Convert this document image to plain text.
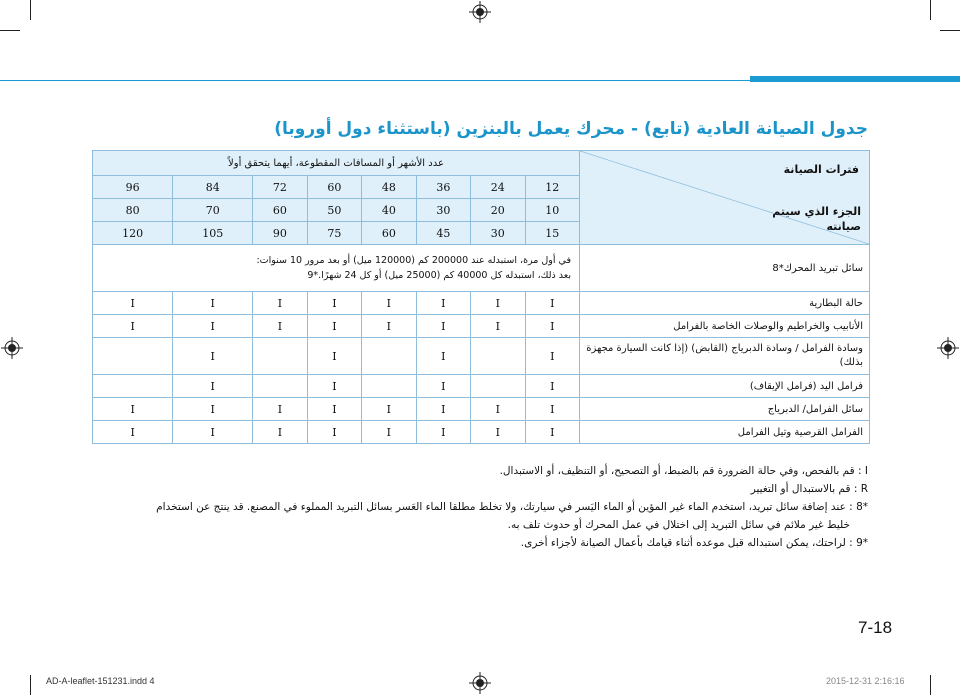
جدول الصيانة العادية (تابع) - محرك يعمل بالبنزين (باستثناء دول أوروبا)
فترات الصيانة
الجزء الذي سيتم صيانته	عدد الأشهر أو المسافات المقطوعة، أيهما يتحقق أولاً							
	12	24	36	48	60	72	84	96
	10	20	30	40	50	60	70	80
	15	30	45	60	75	90	105	120
سائل تبريد المحرك*8	في أول مرة، استبدله عند 200000 كم (120000 ميل) أو بعد مرور 10 سنوات:
بعد ذلك، استبدله كل 40000 كم (25000 ميل) أو كل 24 شهرًا.*9							

حالة البطارية	I	I	I	I	I	I	I	I
الأنابيب والخراطيم والوصلات الخاصة بالفرامل	I	I	I	I	I	I	I	I
وسادة الفرامل / وسادة الدبرياج (القابض) (إذا كانت السيارة مجهزة بذلك)	I		I		I		I	
فرامل اليد (فرامل الإيقاف)	I		I		I		I	
سائل الفرامل/ الدبرياج	I	I	I	I	I	I	I	I
الفرامل القرصية وتيل الفرامل	I	I	I	I	I	I	I	I
I : قم بالفحص، وفي حالة الضرورة قم بالضبط، أو التصحيح، أو التنظيف، أو الاستبدال.
R : قم بالاستبدال أو التغيير
*8 : عند إضافة سائل تبريد، استخدم الماء غير المؤين أو الماء اليَسر في سيارتك، ولا تخلط مطلقا الماء العَسر بسائل التبريد المملوء في المصنع. قد ينتج عن استخدام
خليط غير ملائم في سائل التبريد إلى اختلال في عمل المحرك أو حدوث تلف به.
*9 : لراحتك، يمكن استبداله قبل موعده أثناء قيامك بأعمال الصيانة لأجزاء أخرى.
7-18
AD-A-leaflet-151231.indd 4	2015-12-31 2:16:16
